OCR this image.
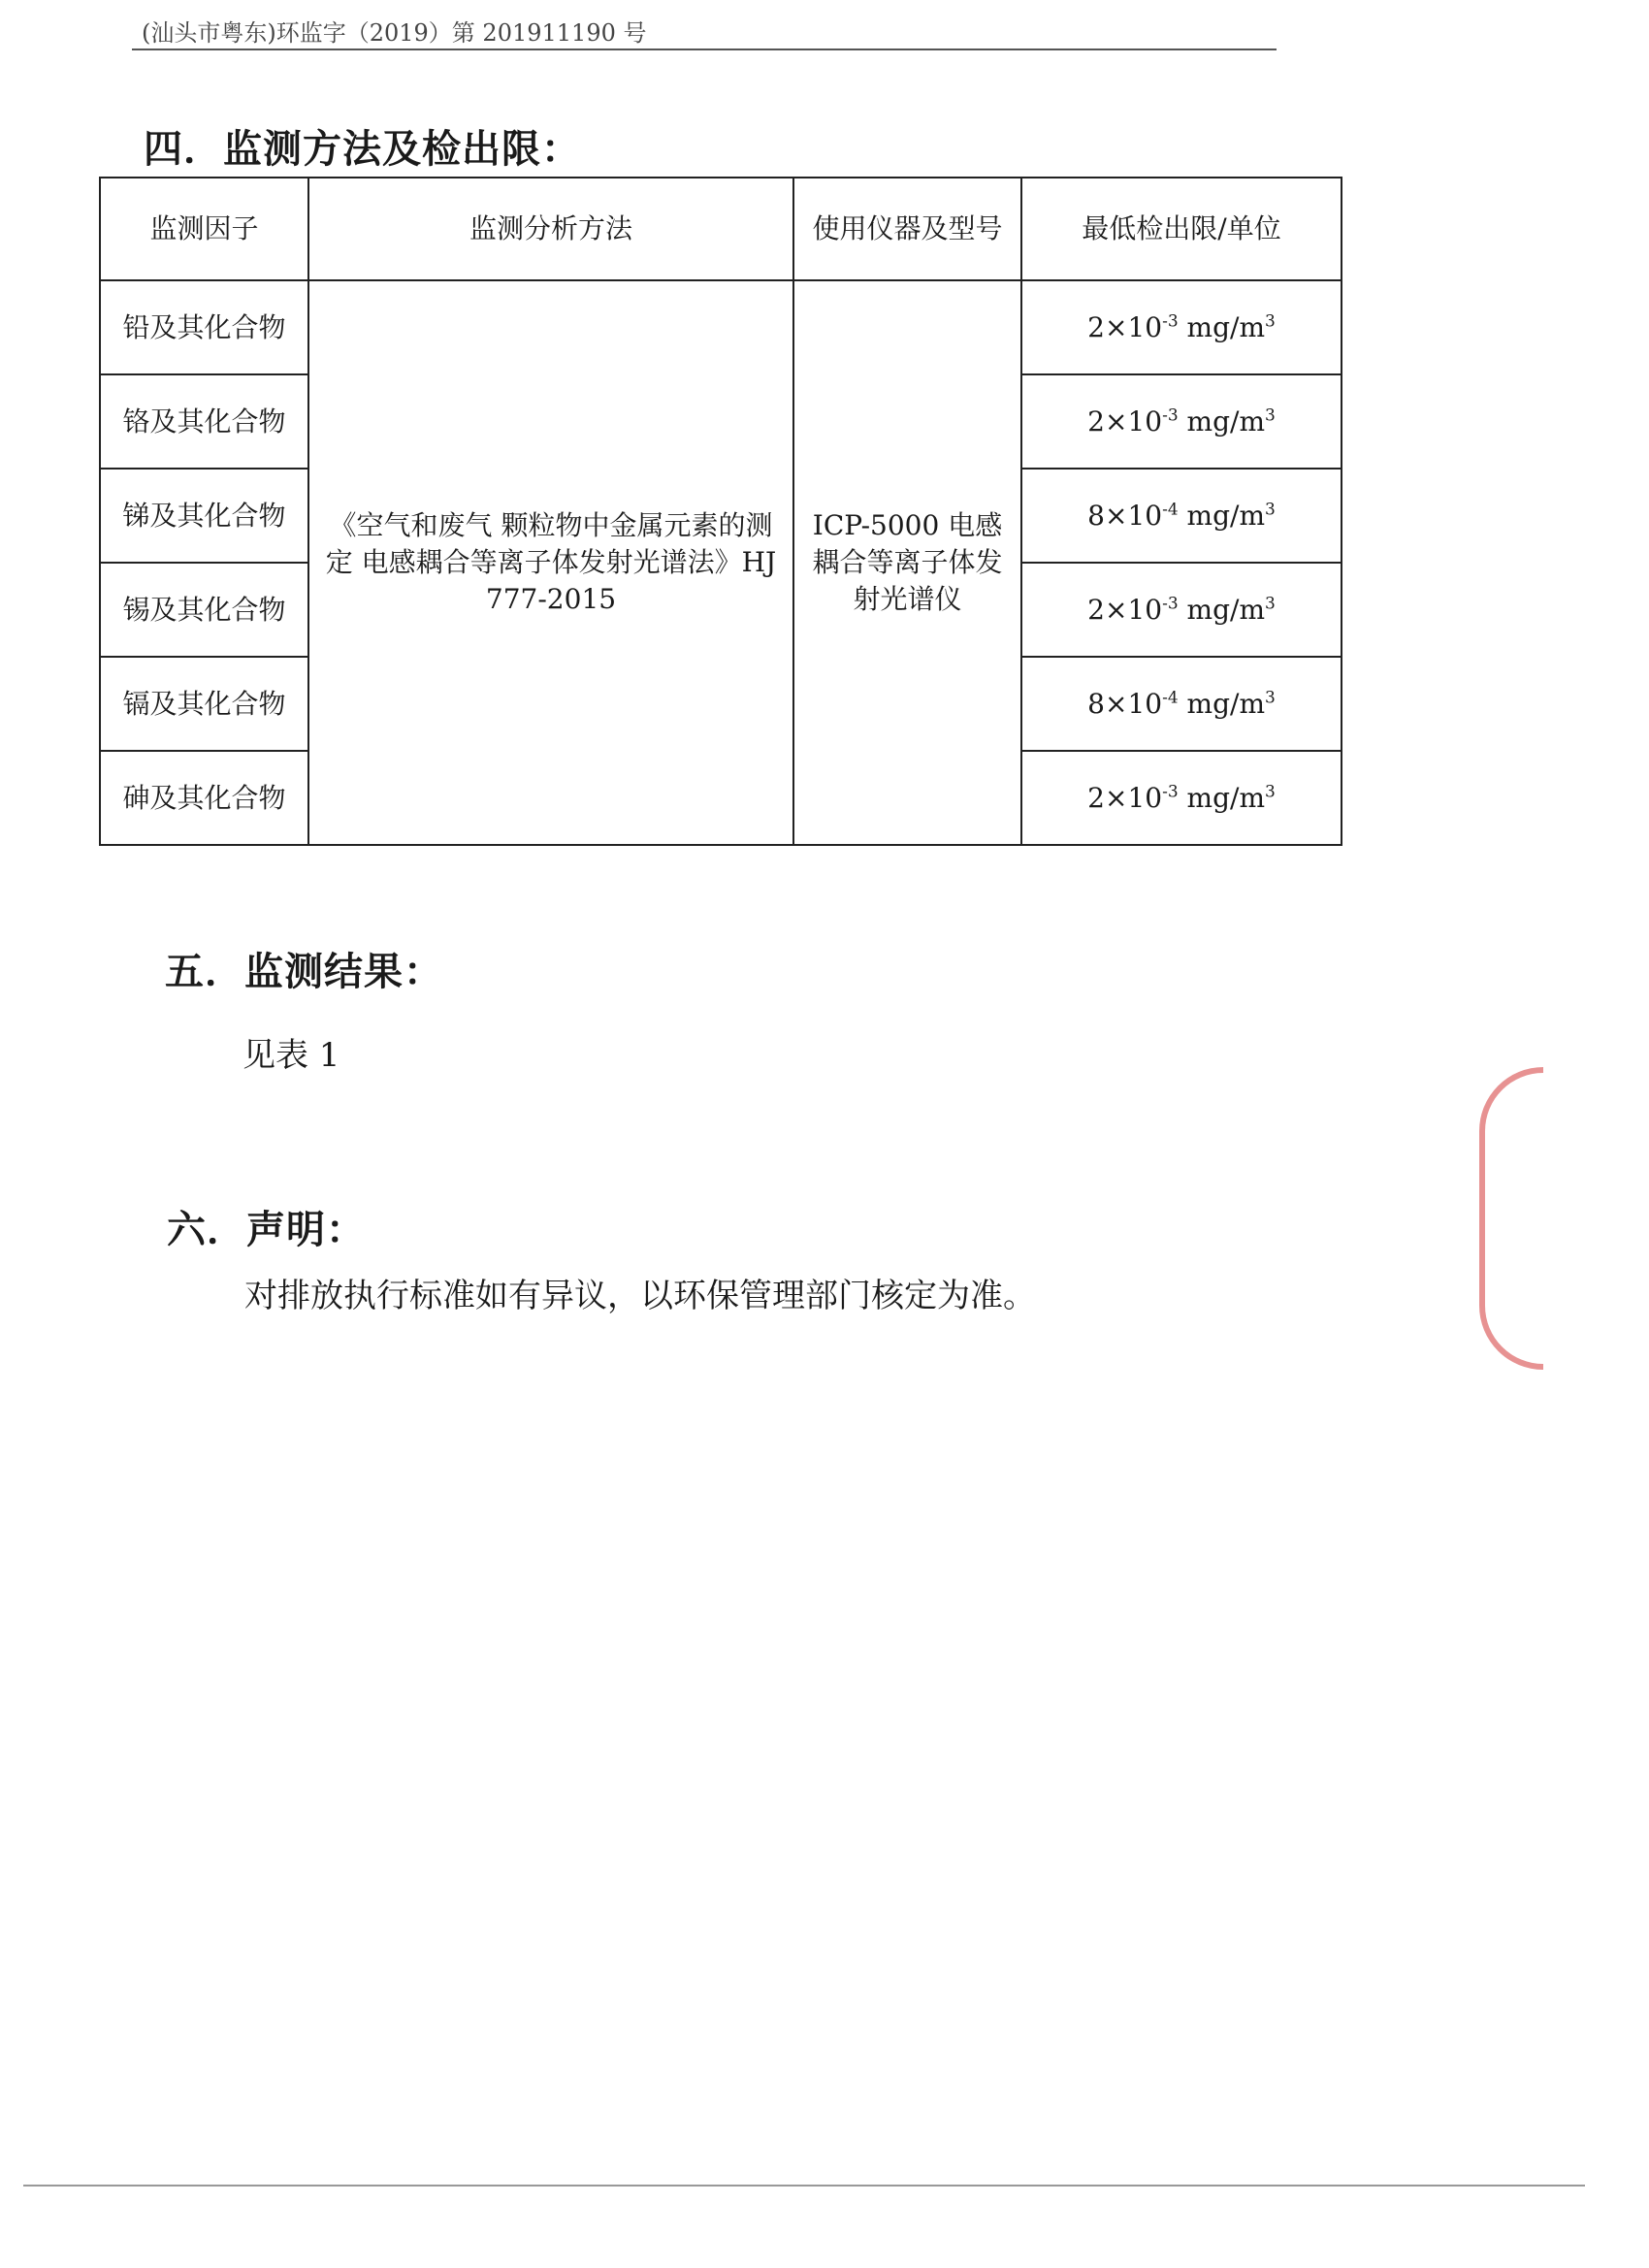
(汕头市粤东)环监字（2019）第 201911190 号
四．监测方法及检出限：
监测因子	监测分析方法	使用仪器及型号	最低检出限/单位
铅及其化合物	《空气和废气 颗粒物中金属元素的测定 电感耦合等离子体发射光谱法》HJ 777-2015	ICP-5000 电感耦合等离子体发射光谱仪	$2\times 10^{-3}$ $mg/m^3$
铬及其化合物			$2\times 10^{-3}$ $mg/m^3$
锑及其化合物			$8\times 10^{-4}$ $mg/m^3$
锡及其化合物			$2\times 10^{-3}$ $mg/m^3$
镉及其化合物			$8\times 10^{-4}$ $mg/m^3$
砷及其化合物			$2\times 10^{-3}$ $mg/m^3$
五．监测结果：
见表 1
六．声明：
对排放执行标准如有异议，以环保管理部门核定为准。
